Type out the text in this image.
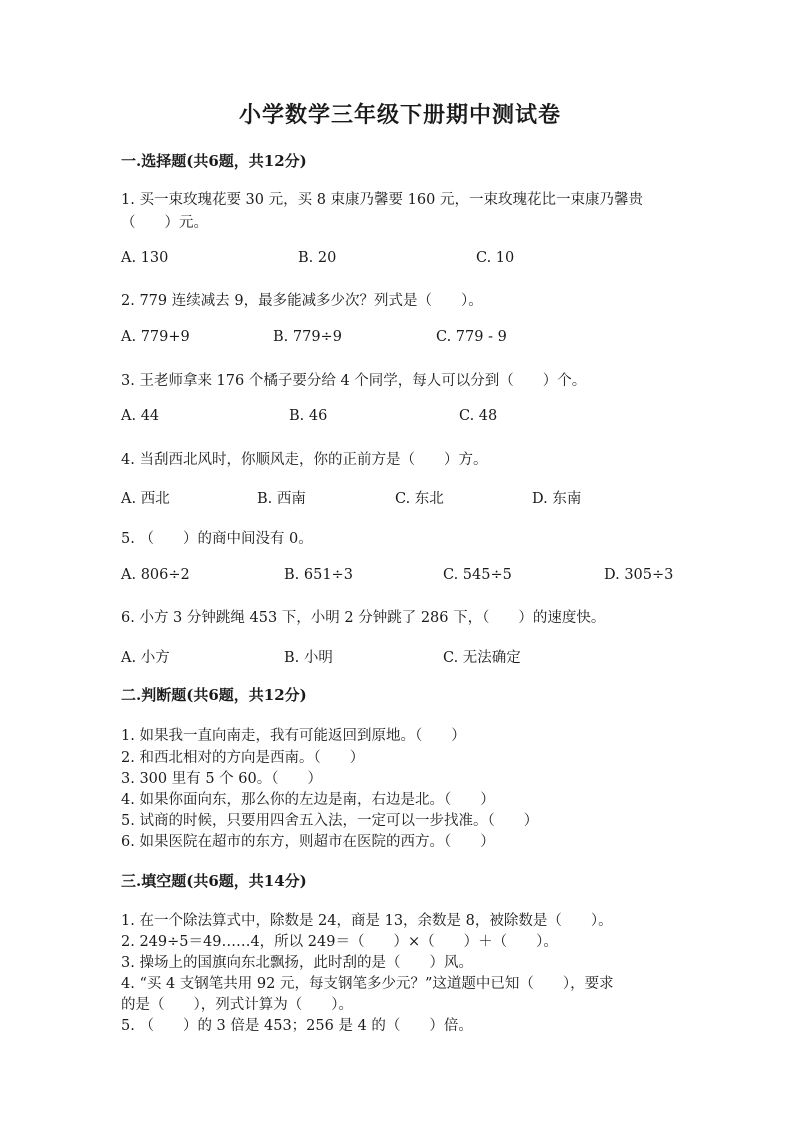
小学数学三年级下册期中测试卷
一.选择题(共6题，共12分)
1. 买一束玫瑰花要 30 元，买 8 束康乃馨要 160 元，一束玫瑰花比一束康乃馨贵
（　　）元。
A. 130	B. 20	C. 10
2. 779 连续减去 9，最多能减多少次？列式是（　　）。
A. 779+9	B. 779÷9	C. 779 - 9
3. 王老师拿来 176 个橘子要分给 4 个同学，每人可以分到（　　）个。
A. 44	B. 46	C. 48
4. 当刮西北风时，你顺风走，你的正前方是（　　）方。
A. 西北	B. 西南	C. 东北	D. 东南
5. （　　）的商中间没有 0。
A. 806÷2	B. 651÷3	C. 545÷5	D. 305÷3
6. 小方 3 分钟跳绳 453 下，小明 2 分钟跳了 286 下，（　　）的速度快。
A. 小方	B. 小明	C. 无法确定
二.判断题(共6题，共12分)
1. 如果我一直向南走，我有可能返回到原地。（　　）
2. 和西北相对的方向是西南。（　　）
3. 300 里有 5 个 60。（　　）
4. 如果你面向东，那么你的左边是南，右边是北。（　　）
5. 试商的时候，只要用四舍五入法，一定可以一步找准。（　　）
6. 如果医院在超市的东方，则超市在医院的西方。（　　）
三.填空题(共6题，共14分)
1. 在一个除法算式中，除数是 24，商是 13，余数是 8，被除数是（　　）。
2. 249÷5＝49……4，所以 249＝（　　）×（　　）＋（　　）。
3. 操场上的国旗向东北飘扬，此时刮的是（　　）风。
4. “买 4 支钢笔共用 92 元，每支钢笔多少元？”这道题中已知（　　），要求
的是（　　），列式计算为（　　）。
5. （　　）的 3 倍是 453；256 是 4 的（　　）倍。
